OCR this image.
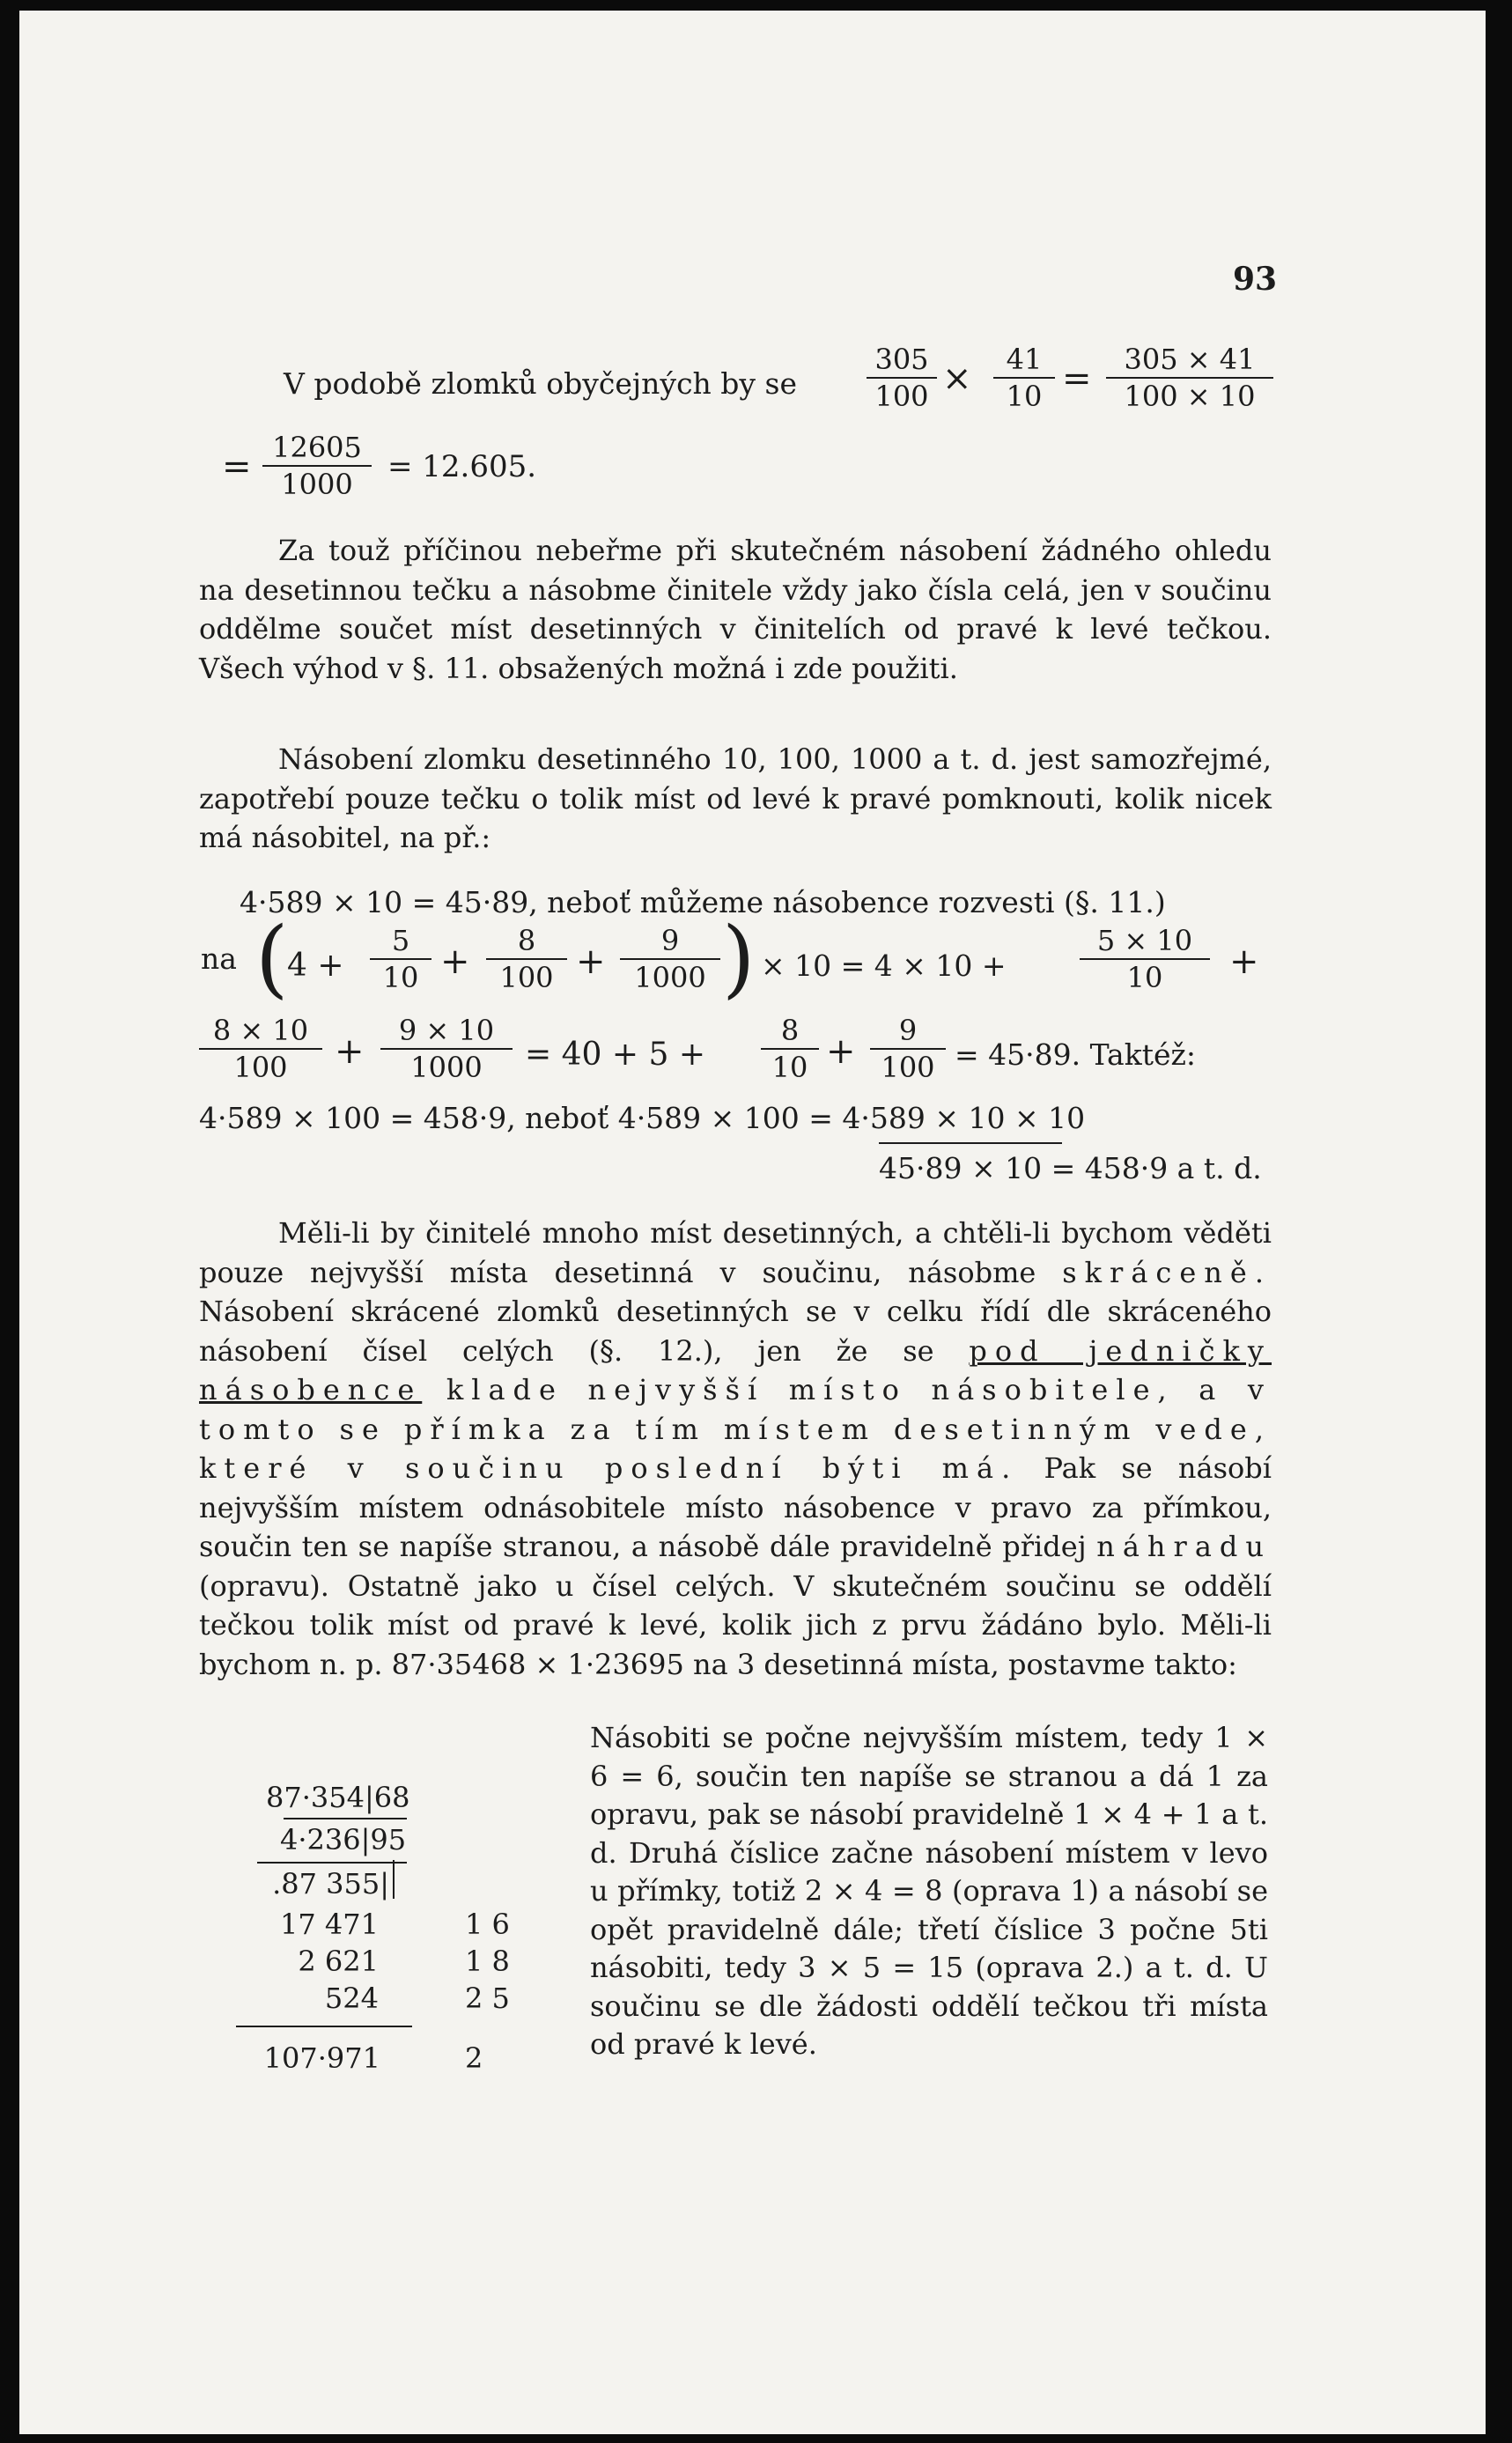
93
V podobě zlomků obyčejných by se $\frac{305}{100} \times \frac{41}{10} = \frac{305 \times 41}{100 \times 10}$
= $\frac{12605}{1000} = 12.605$.
Za touž příčinou nebeřme při skutečném násobení žádného ohledu na desetinnou tečku a násobme činitele vždy jako čísla celá, jen v součinu oddělme součet míst desetinných v činitelích od pravé k levé tečkou. Všech výhod v §. 11. obsažených možná i zde použiti.
Násobení zlomku desetinného 10, 100, 1000 a t. d. jest samozřejmé, zapotřebí pouze tečku o tolik míst od levé k pravé pomknouti, kolik nicek má násobitel, na př.:
4·589 × 10 = 45·89, neboť můžeme násobence rozvesti (§. 11.)
na (
$4 + \frac{5}{10} + \frac{8}{100} + \frac{9}{1000}$ ) × 10 = 4 × 10 +	$\frac{5 \times 10}{10}$ +
$\frac{8 \times 10}{100} + \frac{9 \times 10}{1000} = 40 + 5 + \frac{8}{10} + \frac{9}{100} = 45\cdot 89$. Taktéž:
4·589 × 100 = 458·9, neboť 4·589 × 100 = 4·589 × 10 × 10
45·89 × 10 = 458·9 a t. d.
Měli-li by činitelé mnoho míst desetinných, a chtěli-li bychom věděti pouze nejvyšší místa desetinná v součinu, násobme skráceně. Násobení skrácené zlomků desetinných se v celku řídí dle skráceného násobení čísel celých (§. 12.), jen že se pod jedničky násobence klade nejvyšší místo násobitele, a v tomto se přímka za tím místem desetinným vede, které v součinu poslední býti má. Pak se násobí nejvyšším místem odnásobitele místo násobence v pravo za přímkou, součin ten se napíše stranou, a násobě dále pravidelně přidej náhradu (opravu). Ostatně jako u čísel celých. V skutečném součinu se oddělí tečkou tolik míst od pravé k levé, kolik jich z prvu žádáno bylo. Měli-li bychom n. p. 87·35468 × 1·23695 na 3 desetinná místa, postavme takto:
87·354|68
4·236|95
.87 355|
17 471
2 621
524
107·971
1 6
1 8
2 5
2
Násobiti se počne nejvyšším místem, tedy 1 × 6 = 6, součin ten napíše se stranou a dá 1 za opravu, pak se násobí pravidelně 1 × 4 + 1 a t. d. Druhá číslice začne násobení místem v levo u přímky, totiž 2 × 4 = 8 (oprava 1) a násobí se opět pravidelně dále; třetí číslice 3 počne 5ti násobiti, tedy 3 × 5 = 15 (oprava 2.) a t. d. U součinu se dle žádosti oddělí tečkou tři místa od pravé k levé.
